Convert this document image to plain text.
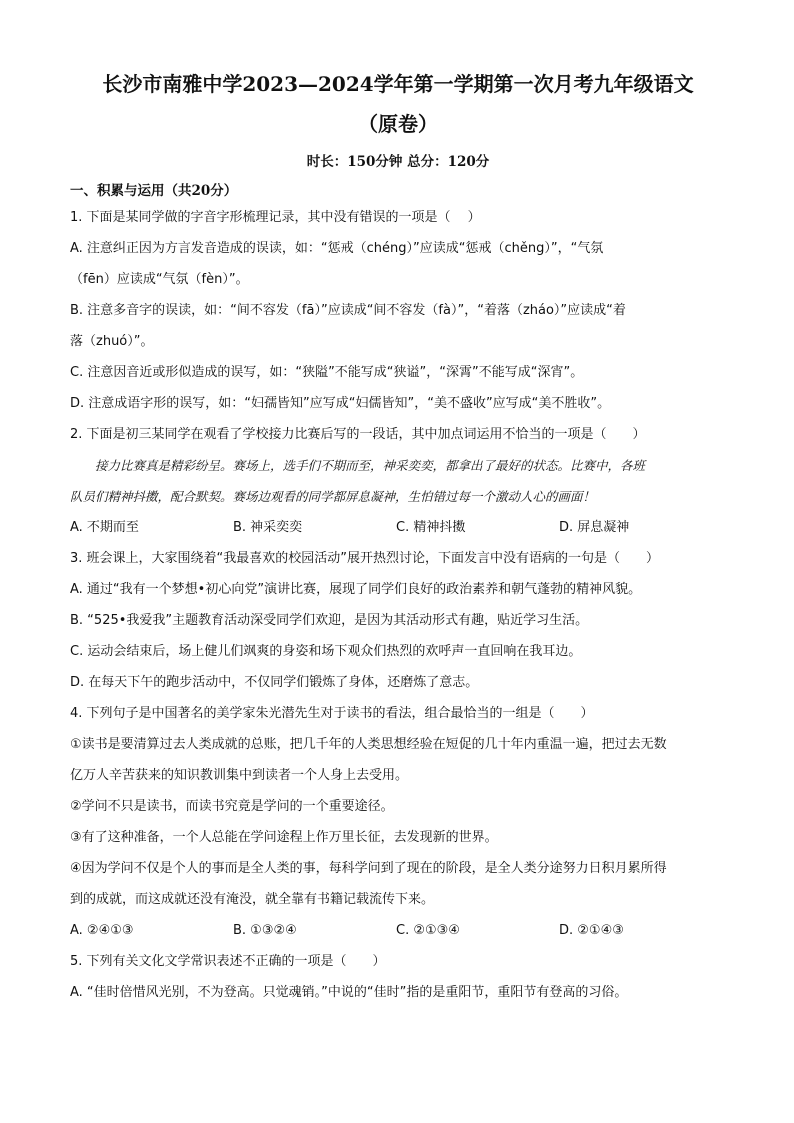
长沙市南雅中学2023—2024学年第一学期第一次月考九年级语文
（原卷）

时长：150分钟 总分：120分

一、积累与运用（共20分）

1. 下面是某同学做的字音字形梳理记录，其中没有错误的一项是（　 ）

A. 注意纠正因为方言发音造成的误读，如：“惩戒（chéng）”应读成“惩戒（chěng）”，“气氛

（fēn）应读成“气氛（fèn）”。

B. 注意多音字的误读，如：“间不容发（fā）”应读成“间不容发（fà）”，“着落（zháo）”应读成“着

落（zhuó）”。

C. 注意因音近或形似造成的误写，如：“狭隘”不能写成“狭谥”，“深霄”不能写成“深宵”。

D. 注意成语字形的误写，如：“妇孺皆知”应写成“妇儒皆知”，“美不盛收”应写成“美不胜收”。

2. 下面是初三某同学在观看了学校接力比赛后写的一段话，其中加点词运用不恰当的一项是（　　）

　　接力比赛真是精彩纷呈。赛场上，选手们不期而至，神采奕奕，都拿出了最好的状态。比赛中，各班

队员们精神抖擞，配合默契。赛场边观看的同学都屏息凝神，生怕错过每一个激动人心的画面！

A. 不期而至	B. 神采奕奕	C. 精神抖擞	D. 屏息凝神

3. 班会课上，大家围绕着“我最喜欢的校园活动”展开热烈讨论，下面发言中没有语病的一句是（　　）

A. 通过“我有一个梦想•初心向党”演讲比赛，展现了同学们良好的政治素养和朝气蓬勃的精神风貌。

B. “525•我爱我”主题教育活动深受同学们欢迎，是因为其活动形式有趣，贴近学习生活。

C. 运动会结束后，场上健儿们飒爽的身姿和场下观众们热烈的欢呼声一直回响在我耳边。

D. 在每天下午的跑步活动中，不仅同学们锻炼了身体，还磨炼了意志。

4. 下列句子是中国著名的美学家朱光潜先生对于读书的看法，组合最恰当的一组是（　　）

①读书是要清算过去人类成就的总账，把几千年的人类思想经验在短促的几十年内重温一遍，把过去无数

亿万人辛苦获来的知识教训集中到读者一个人身上去受用。

②学问不只是读书，而读书究竟是学问的一个重要途径。

③有了这种准备，一个人总能在学问途程上作万里长征，去发现新的世界。

④因为学问不仅是个人的事而是全人类的事，每科学问到了现在的阶段，是全人类分途努力日积月累所得

到的成就，而这成就还没有淹没，就全靠有书籍记载流传下来。

A. ②④①③	B. ①③②④	C. ②①③④	D. ②①④③

5. 下列有关文化文学常识表述不正确的一项是（　　）

A. “佳时倍惜风光别，不为登高。只觉魂销。”中说的“佳时”指的是重阳节，重阳节有登高的习俗。
